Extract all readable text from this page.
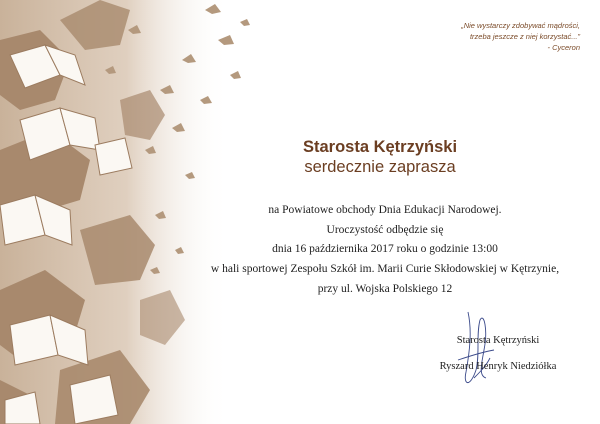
„Nie wystarczy zdobywać mądrości,
trzeba jeszcze z niej korzystać...”
- Cyceron
Starosta Kętrzyński
serdecznie zaprasza
na Powiatowe obchody Dnia Edukacji Narodowej.
Uroczystość odbędzie się
dnia 16 października 2017 roku o godzinie 13:00
w hali sportowej Zespołu Szkół im. Marii Curie Skłodowskiej w Kętrzynie,
przy ul. Wojska Polskiego 12
Starosta Kętrzyński
Ryszard Henryk Niedziółka
